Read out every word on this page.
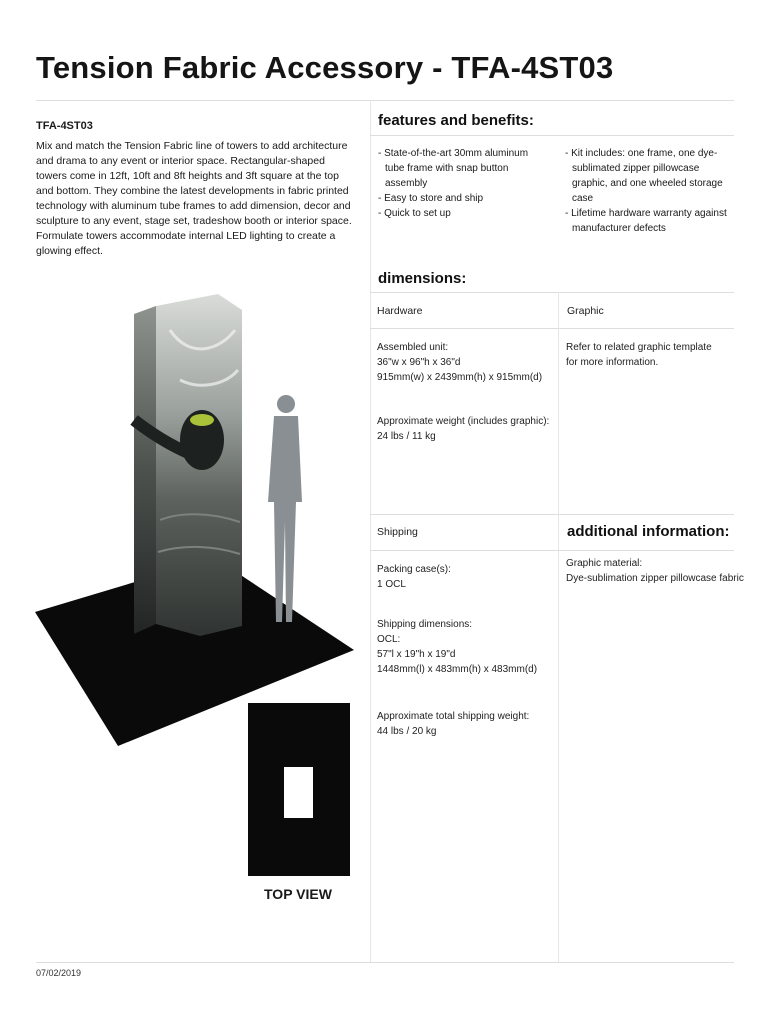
Tension Fabric Accessory - TFA-4ST03
TFA-4ST03
Mix and match the Tension Fabric line of towers to add architecture and drama to any event or interior space. Rectangular-shaped towers come in 12ft, 10ft and 8ft heights and 3ft square at the top and bottom. They combine the latest developments in fabric printed technology with aluminum tube frames to add dimension, decor and sculpture to any event, stage set, tradeshow booth or interior space. Formulate towers accommodate internal LED lighting to create a glowing effect.
features and benefits:
- State-of-the-art 30mm aluminum tube frame with snap button assembly
- Easy to store and ship
- Quick to set up
- Kit includes: one frame, one dye-sublimated zipper pillowcase graphic, and one wheeled storage case
- Lifetime hardware warranty against manufacturer defects
dimensions:
Hardware	Graphic
Assembled unit:
36"w x 96"h x 36"d
915mm(w) x 2439mm(h) x 915mm(d)
Approximate weight (includes graphic):
24 lbs / 11 kg
Refer to related graphic template for more information.
Shipping	additional information:
Packing case(s):
1 OCL
Shipping dimensions:
OCL:
57"l x 19"h x 19"d
1448mm(l) x 483mm(h) x 483mm(d)
Approximate total shipping weight:
44 lbs / 20 kg
Graphic material:
Dye-sublimation zipper pillowcase fabric
TOP VIEW
07/02/2019
